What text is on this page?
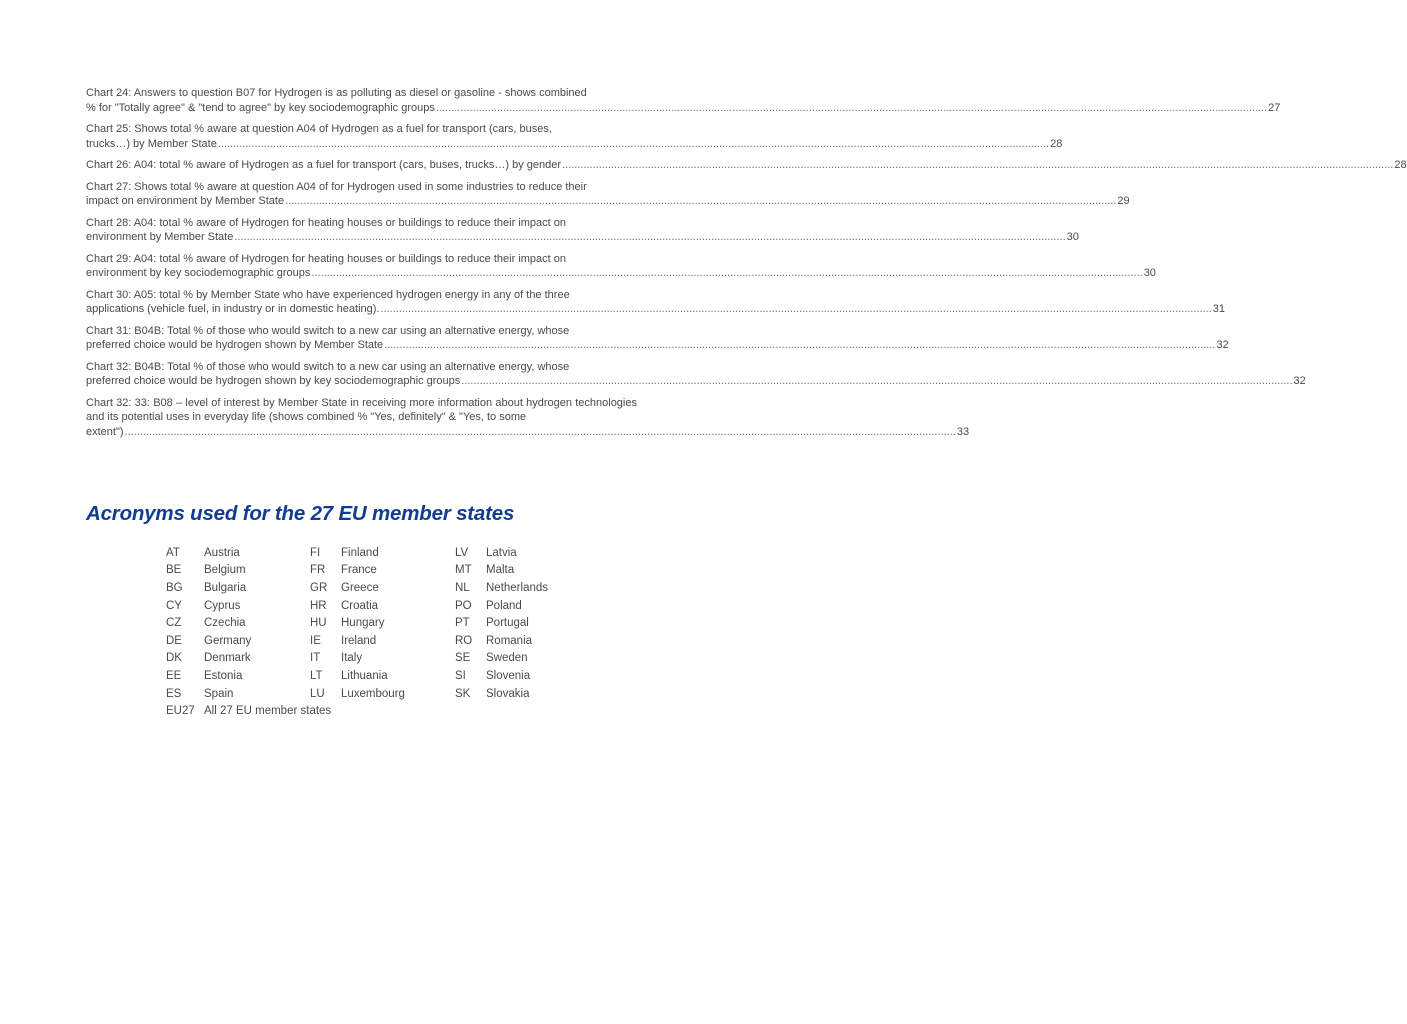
Chart 24: Answers to question B07 for Hydrogen is as polluting as diesel or gasoline - shows combined
% for "Totally agree" & "tend to agree" by key sociodemographic groups .....	27
Chart 25: Shows total % aware at question A04 of Hydrogen as a fuel for transport (cars, buses,
trucks…) by Member State .....	28
Chart 26: A04: total % aware of Hydrogen as a fuel for transport (cars, buses, trucks…) by gender .....	28
Chart 27: Shows total % aware at question A04 of for Hydrogen used in some industries to reduce their
impact on environment by Member State .....	29
Chart 28: A04: total % aware of Hydrogen for heating houses or buildings to reduce their impact on
environment by Member State .....	30
Chart 29: A04: total % aware of Hydrogen for heating houses or buildings to reduce their impact on
environment by key sociodemographic groups .....	30
Chart 30: A05: total % by Member State who have experienced hydrogen energy in any of the three
applications (vehicle fuel, in industry or in domestic heating). .....	31
Chart 31: B04B: Total % of those who would switch to a new car using an alternative energy, whose
preferred choice would be hydrogen shown by Member State .....	32
Chart 32: B04B: Total % of those who would switch to a new car using an alternative energy, whose
preferred choice would be hydrogen shown by key sociodemographic groups .....	32
Chart 32: 33: B08 – level of interest by Member State in receiving more information about hydrogen technologies and its potential uses in everyday life (shows combined % "Yes, definitely" & "Yes, to some
extent") .....	33
Acronyms used for the 27 EU member states
AT	Austria	FI	Finland	LV	Latvia
BE	Belgium	FR	France	MT	Malta
BG	Bulgaria	GR	Greece	NL	Netherlands
CY	Cyprus	HR	Croatia	PO	Poland
CZ	Czechia	HU	Hungary	PT	Portugal
DE	Germany	IE	Ireland	RO	Romania
DK	Denmark	IT	Italy	SE	Sweden
EE	Estonia	LT	Lithuania	SI	Slovenia
ES	Spain	LU	Luxembourg	SK	Slovakia
EU27	All 27 EU member states				
